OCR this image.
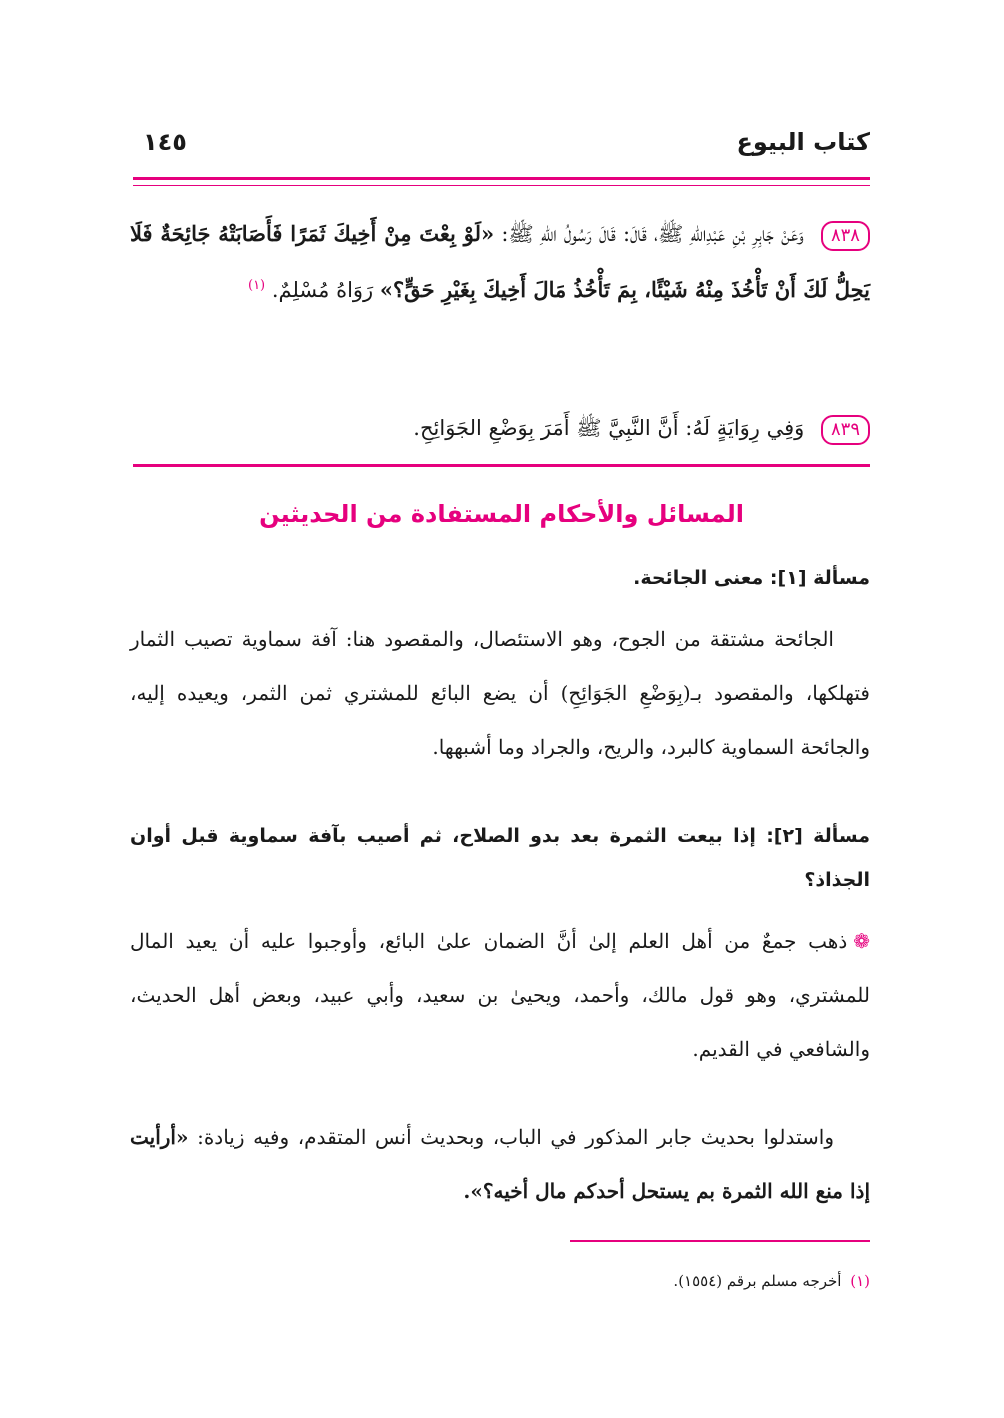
كتاب البيوع
١٤٥
٨٣٨ وَعَنْ جَابِرِ بْنِ عَبْدِاللهِ ﷺ، قَالَ: قَالَ رَسُولُ اللهِ ﷺ: «لَوْ بِعْتَ مِنْ أَخِيكَ ثَمَرًا فَأَصَابَتْهُ جَائِحَةٌ فَلَا يَحِلُّ لَكَ أَنْ تَأْخُذَ مِنْهُ شَيْئًا، بِمَ تَأْخُذُ مَالَ أَخِيكَ بِغَيْرِ حَقٍّ؟» رَوَاهُ مُسْلِمٌ. $^{(١)}$
٨٣٩ وَفِي رِوَايَةٍ لَهُ: أَنَّ النَّبِيَّ ﷺ أَمَرَ بِوَضْعِ الجَوَائِحِ.
المسائل والأحكام المستفادة من الحديثين
مسألة [١]: معنى الجائحة.
الجائحة مشتقة من الجوح، وهو الاستئصال، والمقصود هنا: آفة سماوية تصيب الثمار فتهلكها، والمقصود بـ(بِوَضْعِ الجَوَائِحِ) أن يضع البائع للمشتري ثمن الثمر، ويعيده إليه، والجائحة السماوية كالبرد، والريح، والجراد وما أشبهها.
مسألة [٢]: إذا بيعت الثمرة بعد بدو الصلاح، ثم أصيب بآفة سماوية قبل أوان الجذاذ؟
❁ذهب جمعٌ من أهل العلم إلىٰ أنَّ الضمان علىٰ البائع، وأوجبوا عليه أن يعيد المال للمشتري، وهو قول مالك، وأحمد، ويحيىٰ بن سعيد، وأبي عبيد، وبعض أهل الحديث، والشافعي في القديم.
واستدلوا بحديث جابر المذكور في الباب، وبحديث أنس المتقدم، وفيه زيادة: «أرأيت إذا منع الله الثمرة بم يستحل أحدكم مال أخيه؟».
(١) أخرجه مسلم برقم (١٥٥٤).
